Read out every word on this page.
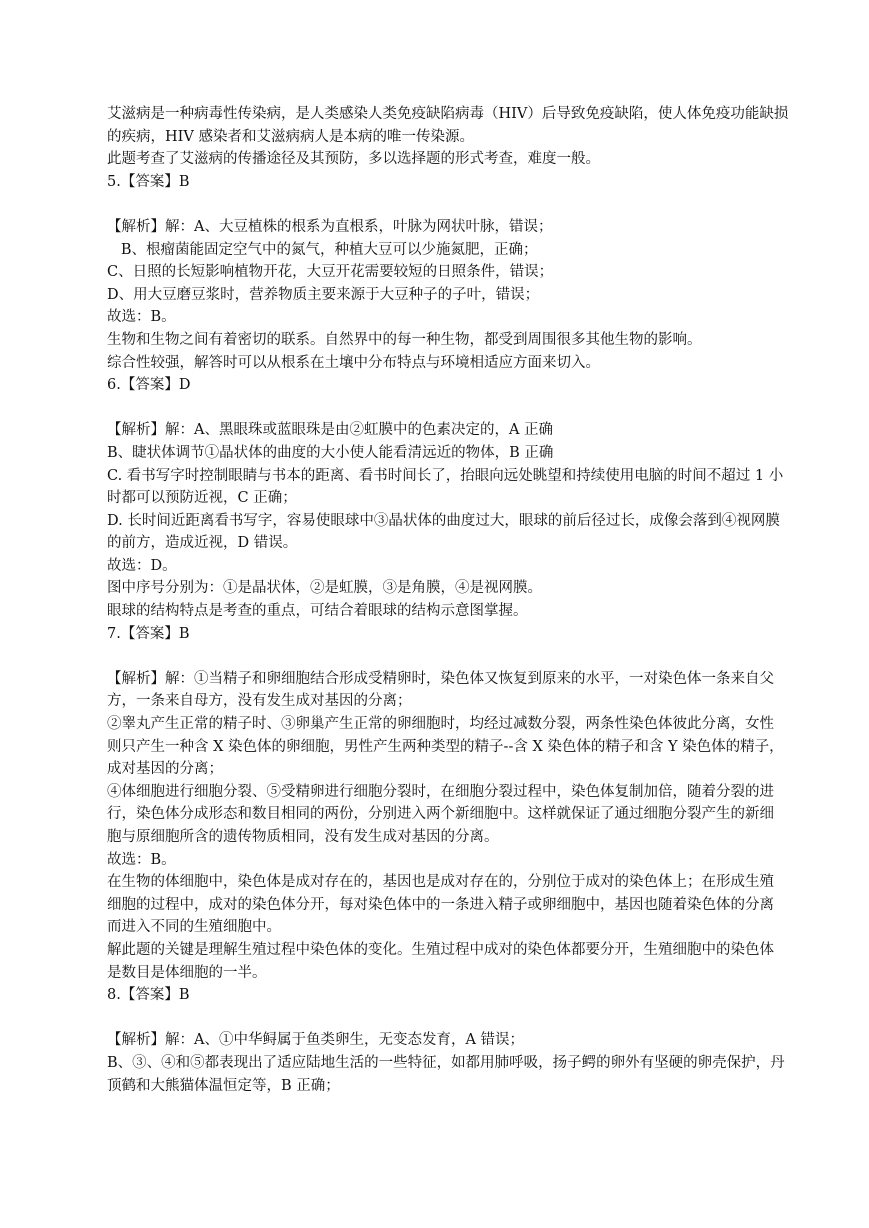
艾滋病是一种病毒性传染病，是人类感染人类免疫缺陷病毒（HIV）后导致免疫缺陷，使人体免疫功能缺损
的疾病，HIV 感染者和艾滋病病人是本病的唯一传染源。
此题考查了艾滋病的传播途径及其预防，多以选择题的形式考查，难度一般。
5.【答案】B
【解析】解：A、大豆植株的根系为直根系，叶脉为网状叶脉，错误；
B、根瘤菌能固定空气中的氮气，种植大豆可以少施氮肥，正确；
C、日照的长短影响植物开花，大豆开花需要较短的日照条件，错误；
D、用大豆磨豆浆时，营养物质主要来源于大豆种子的子叶，错误；
故选：B。
生物和生物之间有着密切的联系。自然界中的每一种生物，都受到周围很多其他生物的影响。
综合性较强，解答时可以从根系在土壤中分布特点与环境相适应方面来切入。
6.【答案】D
【解析】解：A、黑眼珠或蓝眼珠是由②虹膜中的色素决定的，A 正确
B、睫状体调节①晶状体的曲度的大小使人能看清远近的物体，B 正确
C. 看书写字时控制眼睛与书本的距离、看书时间长了，抬眼向远处眺望和持续使用电脑的时间不超过 1 小
时都可以预防近视，C 正确；
D. 长时间近距离看书写字，容易使眼球中③晶状体的曲度过大，眼球的前后径过长，成像会落到④视网膜
的前方，造成近视，D 错误。
故选：D。
图中序号分别为：①是晶状体，②是虹膜，③是角膜，④是视网膜。
眼球的结构特点是考查的重点，可结合着眼球的结构示意图掌握。
7.【答案】B
【解析】解：①当精子和卵细胞结合形成受精卵时，染色体又恢复到原来的水平，一对染色体一条来自父
方，一条来自母方，没有发生成对基因的分离；
②睾丸产生正常的精子时、③卵巢产生正常的卵细胞时，均经过减数分裂，两条性染色体彼此分离，女性
则只产生一种含 X 染色体的卵细胞，男性产生两种类型的精子--含 X 染色体的精子和含 Y 染色体的精子，
成对基因的分离；
④体细胞进行细胞分裂、⑤受精卵进行细胞分裂时，在细胞分裂过程中，染色体复制加倍，随着分裂的进
行，染色体分成形态和数目相同的两份，分别进入两个新细胞中。这样就保证了通过细胞分裂产生的新细
胞与原细胞所含的遗传物质相同，没有发生成对基因的分离。
故选：B。
在生物的体细胞中，染色体是成对存在的，基因也是成对存在的，分别位于成对的染色体上；在形成生殖
细胞的过程中，成对的染色体分开，每对染色体中的一条进入精子或卵细胞中，基因也随着染色体的分离
而进入不同的生殖细胞中。
解此题的关键是理解生殖过程中染色体的变化。生殖过程中成对的染色体都要分开，生殖细胞中的染色体
是数目是体细胞的一半。
8.【答案】B
【解析】解：A、①中华鲟属于鱼类卵生，无变态发育，A 错误；
B、③、④和⑤都表现出了适应陆地生活的一些特征，如都用肺呼吸，扬子鳄的卵外有坚硬的卵壳保护，丹
顶鹤和大熊猫体温恒定等，B 正确；
